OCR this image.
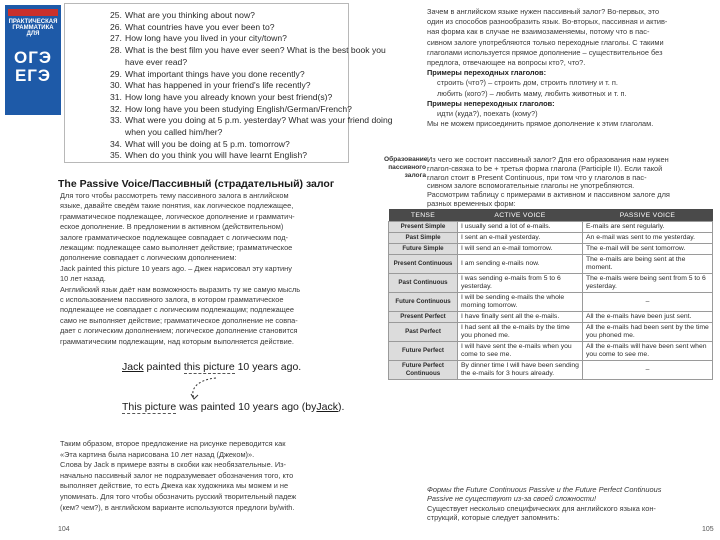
ПРАКТИЧЕСКАЯ
ГРАММАТИКА
ДЛЯ
ОГЭ
ЕГЭ
25. What are you thinking about now?
26. What countries have you ever been to?
27. How long have you lived in your city/town?
28. What is the best film you have ever seen? What is the best book you
have ever read?
29. What important things have you done recently?
30. What has happened in your friend's life recently?
31. How long have you already known your best friend(s)?
32. How long have you been studying English/German/French?
33. What were you doing at 5 p.m. yesterday? What was your friend doing
when you called him/her?
34. What will you be doing at 5 p.m. tomorrow?
35. When do you think you will have learnt English?
The Passive Voice/Пассивный (страдательный) залог
Для того чтобы рассмотреть тему пассивного залога в английском
языке, давайте сведём такие понятия, как логическое подлежащее,
грамматическое подлежащее, логическое дополнение и грамматич-
еское дополнение. В предложении в активном (действительном)
залоге грамматическое подлежащее совпадает с логическим под-
лежащим: подлежащее само выполняет действие; грамматическое
дополнение совпадает с логическим дополнением:
Jack painted this picture 10 years ago. – Джек нарисовал эту картину
10 лет назад.
Английский язык даёт нам возможность выразить ту же самую мысль
с использованием пассивного залога, в котором грамматическое
подлежащее не совпадает с логическим подлежащим; подлежащее
само не выполняет действие; грамматическое дополнение не совпа-
дает с логическим дополнением; логическое дополнение становится
грамматическим подлежащим, над которым выполняется действие.
Jack painted this picture 10 years ago.
This picture was painted 10 years ago (byJack).
Таким образом, второе предложение на рисунке переводится как
«Эта картина была нарисована 10 лет назад (Джеком)».
Слова by Jack в примере взяты в скобки как необязательные. Из-
начально пассивный залог не подразумевает обозначения того, кто
выполняет действие, то есть Джека как художника мы можем и не
упоминать. Для того чтобы обозначить русский творительный падеж
(кем? чем?), в английском варианте используются предлоги by/with.
104
Зачем в английском языке нужен пассивный залог? Во-первых, это
один из способов разнообразить язык. Во-вторых, пассивная и актив-
ная форма как в случае не взаимозаменяемы, потому что в пас-
сивном залоге употребляются только переходные глаголы. С такими
глаголами используется прямое дополнение – существительное без
предлога, отвечающее на вопросы кто?, что?.
Примеры переходных глаголов:
строить (что?) – строить дом, строить плотину и т. п.
любить (кого?) – любить маму, любить животных и т. п.
Примеры непереходных глаголов:
идти (куда?), поехать (кому?)
Мы не можем присоединить прямое дополнение к этим глаголам.
Из чего же состоит пассивный залог? Для его образования нам нужен
глагол-связка to be + третья форма глагола (Participle II). Если такой
глагол стоит в Present Continuous, при том что у глаголов в пас-
сивном залоге вспомогательные глаголы не употребляются.
Рассмотрим таблицу с примерами в активном и пассивном залоге для
разных временных форм:
Образование пассивного залога
TENSE	ACTIVE VOICE	PASSIVE VOICE
Present Simple	I usually send a lot of e-mails.	E-mails are sent regularly.
Past Simple	I sent an e-mail yesterday.	An e-mail was sent to me yesterday.
Future Simple	I will send an e-mail tomorrow.	The e-mail will be sent tomorrow.
Present Continuous	I am sending e-mails now.	The e-mails are being sent at the moment.
Past Continuous	I was sending e-mails from 5 to 6 yesterday.	The e-mails were being sent from 5 to 6 yesterday.
Future Continuous	I will be sending e-mails the whole morning tomorrow.	–
Present Perfect	I have finally sent all the e-mails.	All the e-mails have been just sent.
Past Perfect	I had sent all the e-mails by the time you phoned me.	All the e-mails had been sent by the time you phoned me.
Future Perfect	I will have sent the e-mails when you come to see me.	All the e-mails will have been sent when you come to see me.
Future Perfect Continuous	By dinner time I will have been sending the e-mails for 3 hours already.	–
Формы the Future Continuous Passive и the Future Perfect Continuous
Passive не существуют из-за своей сложности!
Существует несколько специфических для английского языка кон-
струкций, которые следует запомнить:
105
